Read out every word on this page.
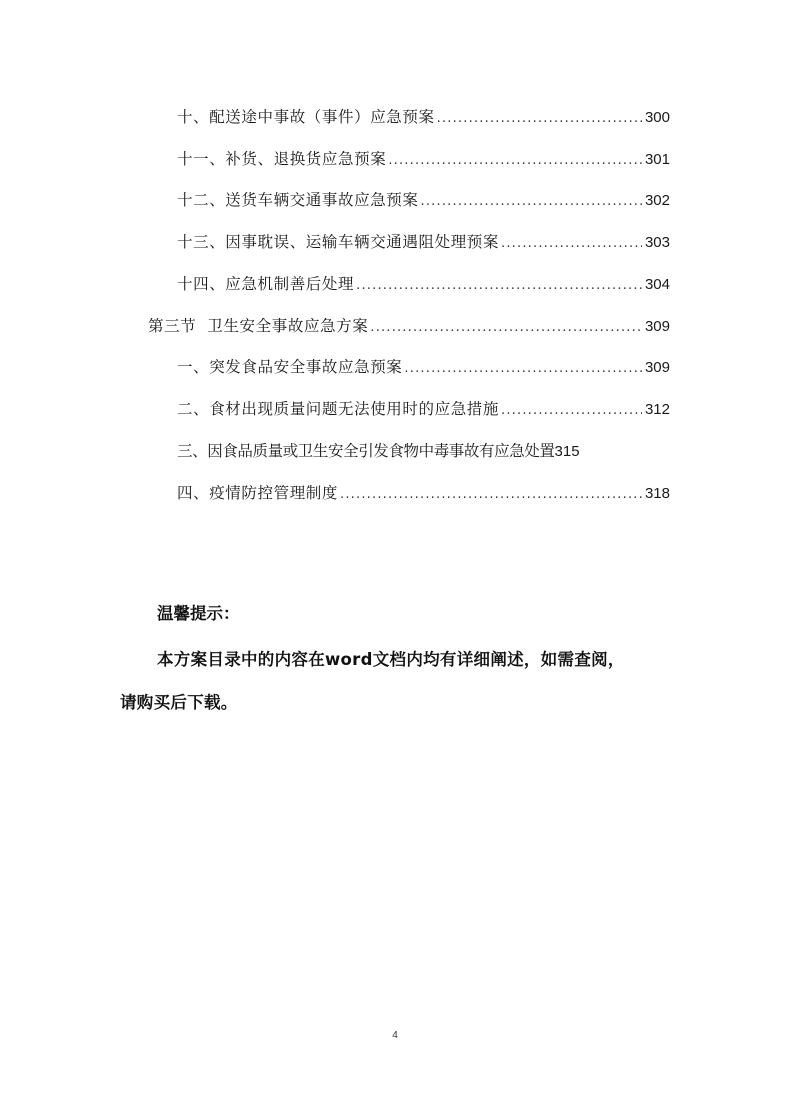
十、配送途中事故（事件）应急预案 .....	300
十一、补货、退换货应急预案 .....	301
十二、送货车辆交通事故应急预案 .....	302
十三、因事耽误、运输车辆交通遇阻处理预案 .....	303
十四、应急机制善后处理 .....	304
第三节  卫生安全事故应急方案 .....	309
一、突发食品安全事故应急预案 .....	309
二、食材出现质量问题无法使用时的应急措施 .....	312
三、因食品质量或卫生安全引发食物中毒事故有应急处置 315
四、疫情防控管理制度 .....	318
温馨提示：
本方案目录中的内容在word文档内均有详细阐述，如需查阅，
请购买后下载。
4
